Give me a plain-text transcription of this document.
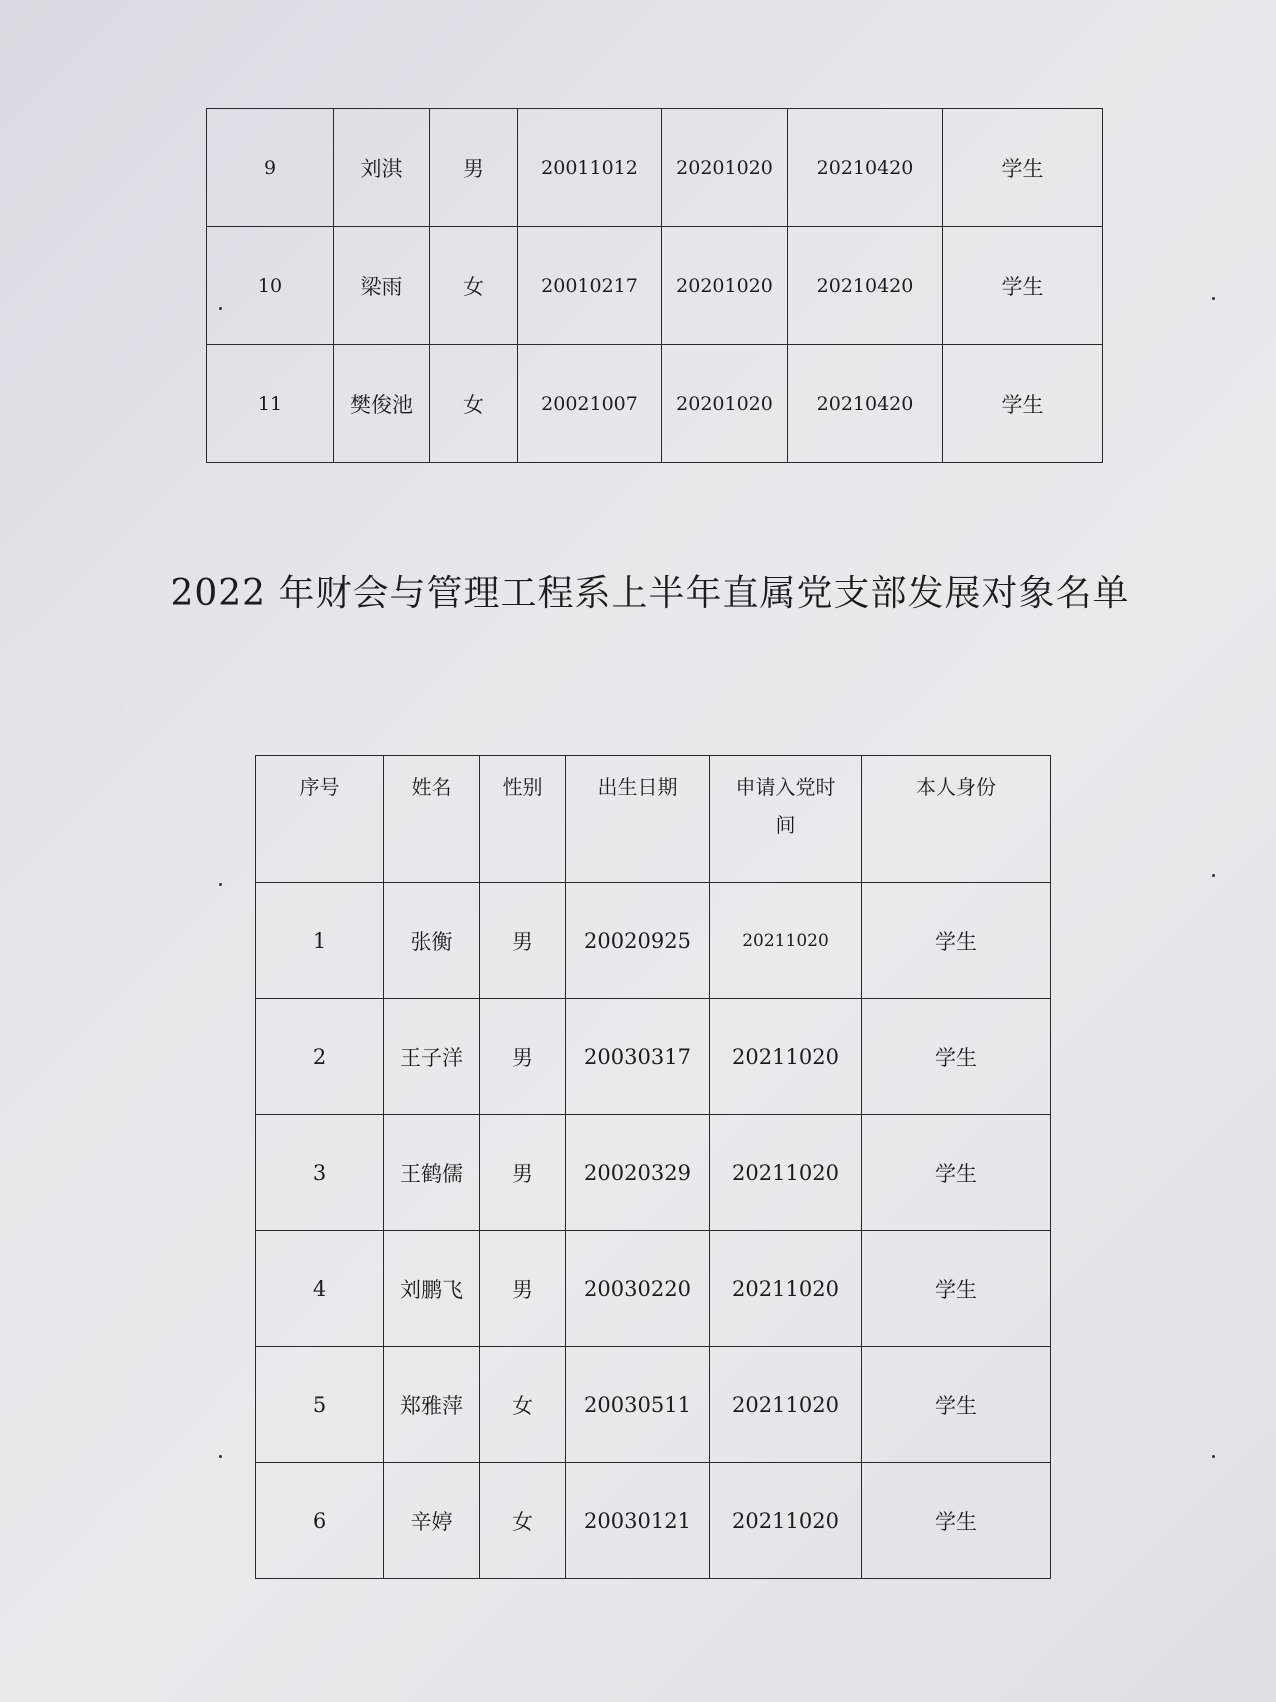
9	刘淇	男	20011012	20201020	20210420	学生
10	梁雨	女	20010217	20201020	20210420	学生
11	樊俊池	女	20021007	20201020	20210420	学生
2022 年财会与管理工程系上半年直属党支部发展对象名单
序号	姓名	性别	出生日期	申请入党时间	本人身份
1	张衡	男	20020925	20211020	学生
2	王子洋	男	20030317	20211020	学生
3	王鹤儒	男	20020329	20211020	学生
4	刘鹏飞	男	20030220	20211020	学生
5	郑雅萍	女	20030511	20211020	学生
6	辛婷	女	20030121	20211020	学生
